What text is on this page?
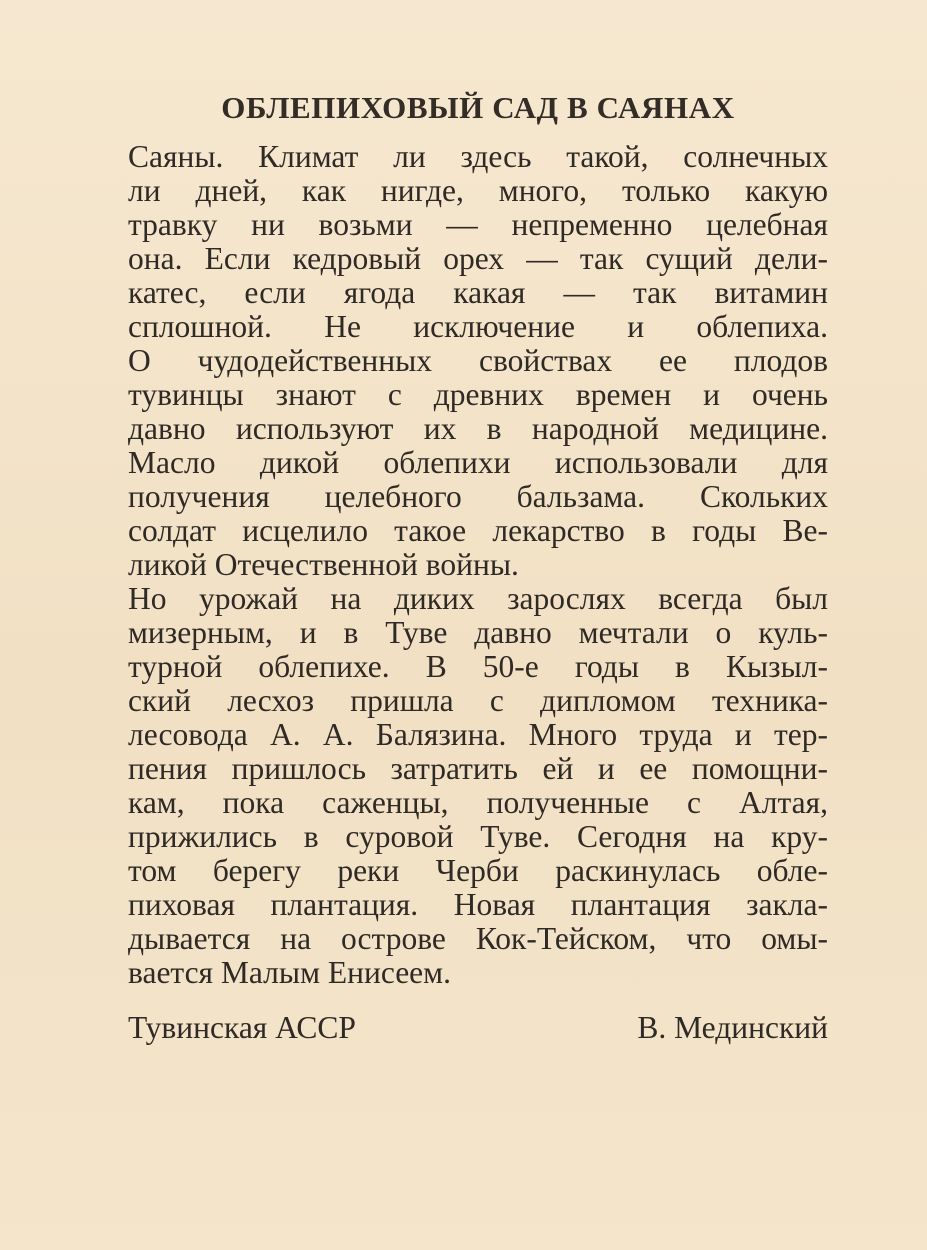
ОБЛЕПИХОВЫЙ САД В САЯНАХ

Саяны. Климат ли здесь такой, солнечных
ли дней, как нигде, много, только какую
травку ни возьми — непременно целебная
она. Если кедровый орех — так сущий дели-
катес, если ягода какая — так витамин
сплошной. Не исключение и облепиха.
О чудодейственных свойствах ее плодов
тувинцы знают с древних времен и очень
давно используют их в народной медицине.
Масло дикой облепихи использовали для
получения целебного бальзама. Скольких
солдат исцелило такое лекарство в годы Ве-
ликой Отечественной войны.

Но урожай на диких зарослях всегда был
мизерным, и в Туве давно мечтали о куль-
турной облепихе. В 50-е годы в Кызыл-
ский лесхоз пришла с дипломом техника-
лесовода А. А. Балязина. Много труда и тер-
пения пришлось затратить ей и ее помощни-
кам, пока саженцы, полученные с Алтая,
прижились в суровой Туве. Сегодня на кру-
том берегу реки Черби раскинулась обле-
пиховая плантация. Новая плантация закла-
дывается на острове Кок-Тейском, что омы-
вается Малым Енисеем.

Тувинская АССР	В. Мединский
